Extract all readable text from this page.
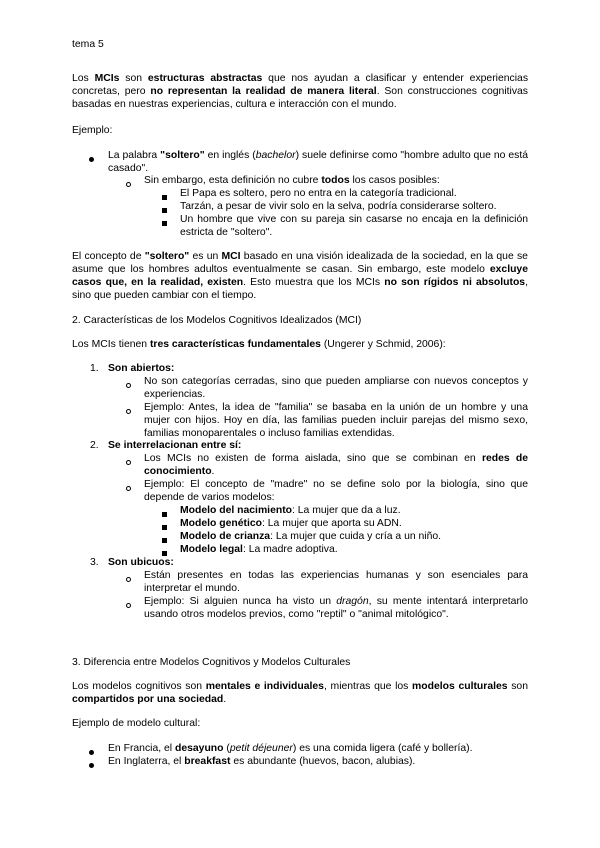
tema 5

Los MCIs son estructuras abstractas que nos ayudan a clasificar y entender experiencias concretas, pero no representan la realidad de manera literal. Son construcciones cognitivas basadas en nuestras experiencias, cultura e interacción con el mundo.

Ejemplo:

La palabra "soltero" en inglés (bachelor) suele definirse como "hombre adulto que no está casado".

Sin embargo, esta definición no cubre todos los casos posibles:

El Papa es soltero, pero no entra en la categoría tradicional.

Tarzán, a pesar de vivir solo en la selva, podría considerarse soltero.

Un hombre que vive con su pareja sin casarse no encaja en la definición estricta de "soltero".

El concepto de "soltero" es un MCI basado en una visión idealizada de la sociedad, en la que se asume que los hombres adultos eventualmente se casan. Sin embargo, este modelo excluye casos que, en la realidad, existen. Esto muestra que los MCIs no son rígidos ni absolutos, sino que pueden cambiar con el tiempo.

2. Características de los Modelos Cognitivos Idealizados (MCI)

Los MCIs tienen tres características fundamentales (Ungerer y Schmid, 2006):

1. Son abiertos:

No son categorías cerradas, sino que pueden ampliarse con nuevos conceptos y experiencias.

Ejemplo: Antes, la idea de "familia" se basaba en la unión de un hombre y una mujer con hijos. Hoy en día, las familias pueden incluir parejas del mismo sexo, familias monoparentales o incluso familias extendidas.

2. Se interrelacionan entre sí:

Los MCIs no existen de forma aislada, sino que se combinan en redes de conocimiento.

Ejemplo: El concepto de "madre" no se define solo por la biología, sino que depende de varios modelos:

Modelo del nacimiento: La mujer que da a luz.

Modelo genético: La mujer que aporta su ADN.

Modelo de crianza: La mujer que cuida y cría a un niño.

Modelo legal: La madre adoptiva.

3. Son ubicuos:

Están presentes en todas las experiencias humanas y son esenciales para interpretar el mundo.

Ejemplo: Si alguien nunca ha visto un dragón, su mente intentará interpretarlo usando otros modelos previos, como "reptil" o "animal mitológico".

3. Diferencia entre Modelos Cognitivos y Modelos Culturales

Los modelos cognitivos son mentales e individuales, mientras que los modelos culturales son compartidos por una sociedad.

Ejemplo de modelo cultural:

En Francia, el desayuno (petit déjeuner) es una comida ligera (café y bollería).

En Inglaterra, el breakfast es abundante (huevos, bacon, alubias).
